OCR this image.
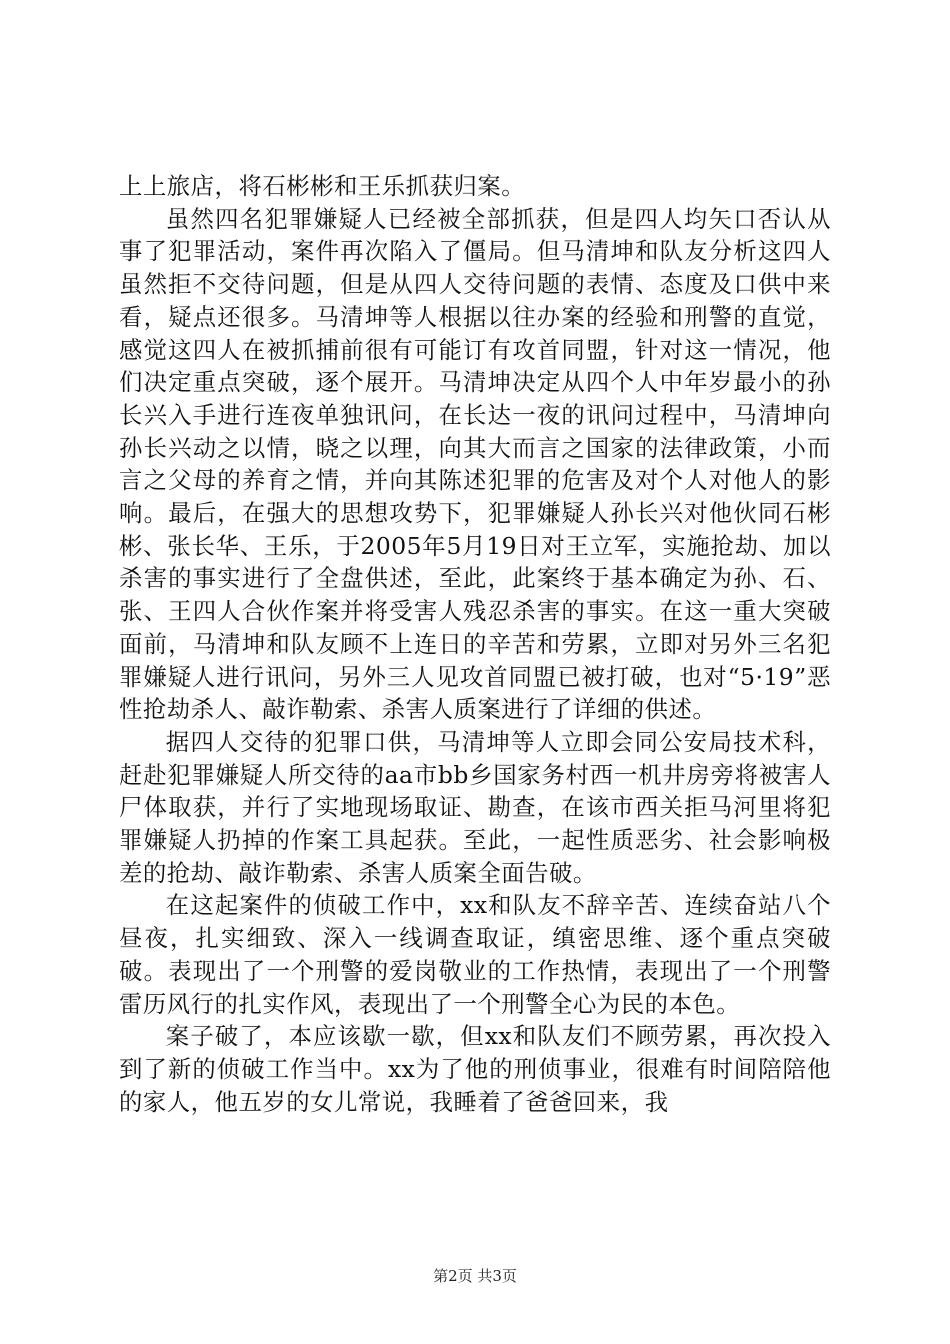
上上旅店，将石彬彬和王乐抓获归案。

虽然四名犯罪嫌疑人已经被全部抓获，但是四人均矢口否认从事了犯罪活动，案件再次陷入了僵局。但马清坤和队友分析这四人虽然拒不交待问题，但是从四人交待问题的表情、态度及口供中来看，疑点还很多。马清坤等人根据以往办案的经验和刑警的直觉，感觉这四人在被抓捕前很有可能订有攻首同盟，针对这一情况，他们决定重点突破，逐个展开。马清坤决定从四个人中年岁最小的孙长兴入手进行连夜单独讯问，在长达一夜的讯问过程中，马清坤向孙长兴动之以情，晓之以理，向其大而言之国家的法律政策，小而言之父母的养育之情，并向其陈述犯罪的危害及对个人对他人的影响。最后，在强大的思想攻势下，犯罪嫌疑人孙长兴对他伙同石彬彬、张长华、王乐，于2005年5月19日对王立军，实施抢劫、加以杀害的事实进行了全盘供述，至此，此案终于基本确定为孙、石、张、王四人合伙作案并将受害人残忍杀害的事实。在这一重大突破面前，马清坤和队友顾不上连日的辛苦和劳累，立即对另外三名犯罪嫌疑人进行讯问，另外三人见攻首同盟已被打破，也对“5·19”恶性抢劫杀人、敲诈勒索、杀害人质案进行了详细的供述。

据四人交待的犯罪口供，马清坤等人立即会同公安局技术科，赶赴犯罪嫌疑人所交待的aa市bb乡国家务村西一机井房旁将被害人尸体取获，并行了实地现场取证、勘查，在该市西关拒马河里将犯罪嫌疑人扔掉的作案工具起获。至此，一起性质恶劣、社会影响极差的抢劫、敲诈勒索、杀害人质案全面告破。

在这起案件的侦破工作中，xx和队友不辞辛苦、连续奋站八个昼夜，扎实细致、深入一线调查取证，缜密思维、逐个重点突破破。表现出了一个刑警的爱岗敬业的工作热情，表现出了一个刑警雷历风行的扎实作风，表现出了一个刑警全心为民的本色。

案子破了，本应该歇一歇，但xx和队友们不顾劳累，再次投入到了新的侦破工作当中。xx为了他的刑侦事业，很难有时间陪陪他的家人，他五岁的女儿常说，我睡着了爸爸回来，我

第2页 共3页
